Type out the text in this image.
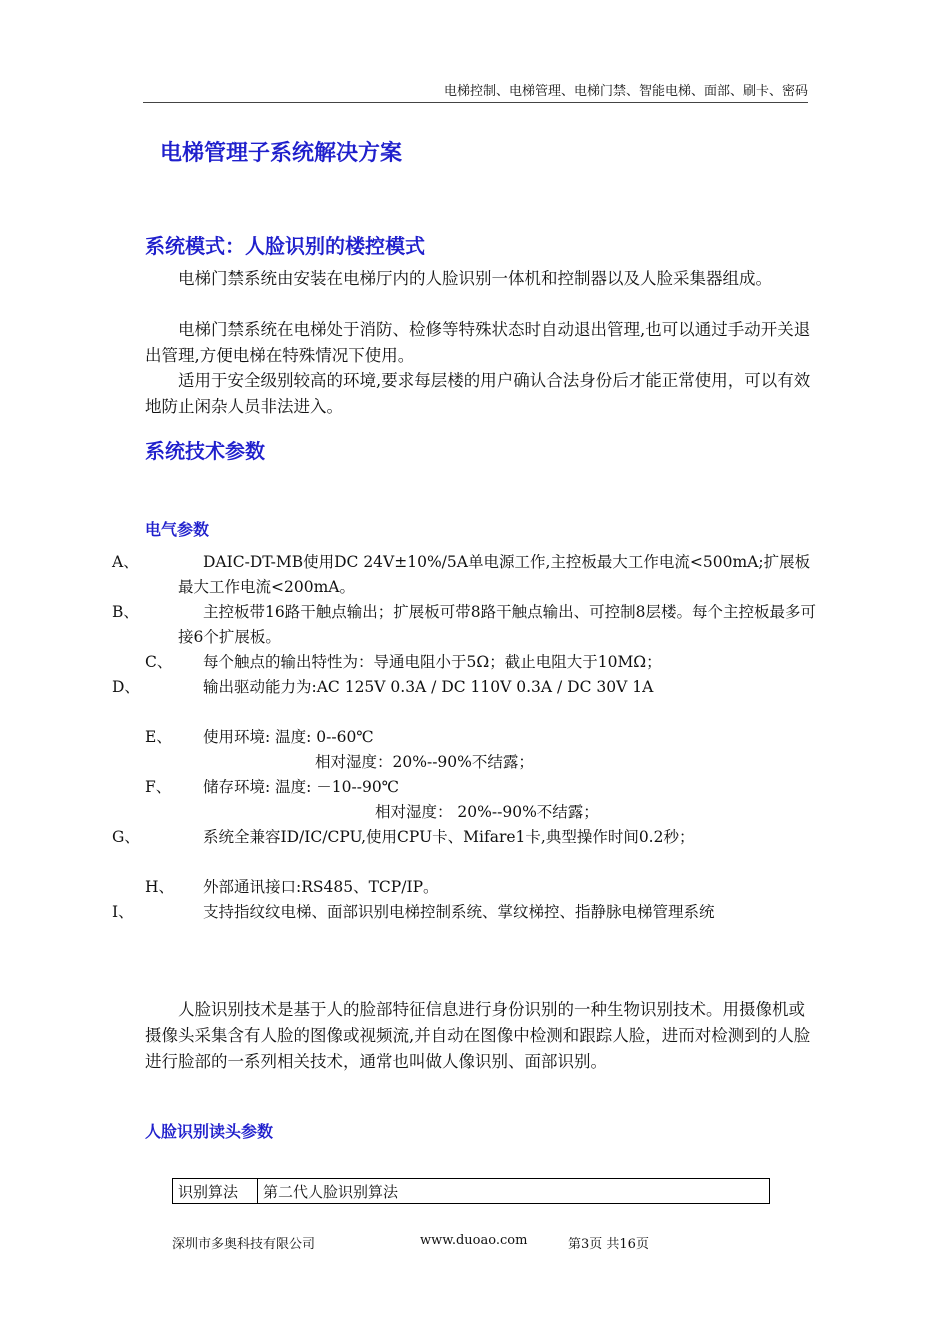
电梯控制、电梯管理、电梯门禁、智能电梯、面部、刷卡、密码
电梯管理子系统解决方案
系统模式：人脸识别的楼控模式
电梯门禁系统由安装在电梯厅内的人脸识别一体机和控制器以及人脸采集器组成。
电梯门禁系统在电梯处于消防、检修等特殊状态时自动退出管理,也可以通过手动开关退出管理,方便电梯在特殊情况下使用。
适用于安全级别较高的环境,要求每层楼的用户确认合法身份后才能正常使用，可以有效地防止闲杂人员非法进入。
系统技术参数
电气参数
A、	DAIC-DT-MB使用DC 24V±10%/5A单电源工作,主控板最大工作电流<500mA;扩展板最大工作电流<200mA。
B、	主控板带16路干触点输出；扩展板可带8路干触点输出、可控制8层楼。每个主控板最多可接6个扩展板。
C、 每个触点的输出特性为：导通电阻小于5Ω；截止电阻大于10MΩ；
D、	输出驱动能力为:AC 125V 0.3A / DC 110V 0.3A / DC 30V 1A
E、 使用环境: 温度: 0--60℃
相对湿度：20%--90%不结露；
F、 储存环境: 温度: －10--90℃
相对湿度： 20%--90%不结露；
G、	系统全兼容ID/IC/CPU,使用CPU卡、Mifare1卡,典型操作时间0.2秒；
H、 外部通讯接口:RS485、TCP/IP。
I、	支持指纹纹电梯、面部识别电梯控制系统、掌纹梯控、指静脉电梯管理系统
人脸识别技术是基于人的脸部特征信息进行身份识别的一种生物识别技术。用摄像机或摄像头采集含有人脸的图像或视频流,并自动在图像中检测和跟踪人脸，进而对检测到的人脸进行脸部的一系列相关技术，通常也叫做人像识别、面部识别。
人脸识别读头参数
识别算法	第二代人脸识别算法
深圳市多奥科技有限公司	www.duoao.com	第3页 共16页
